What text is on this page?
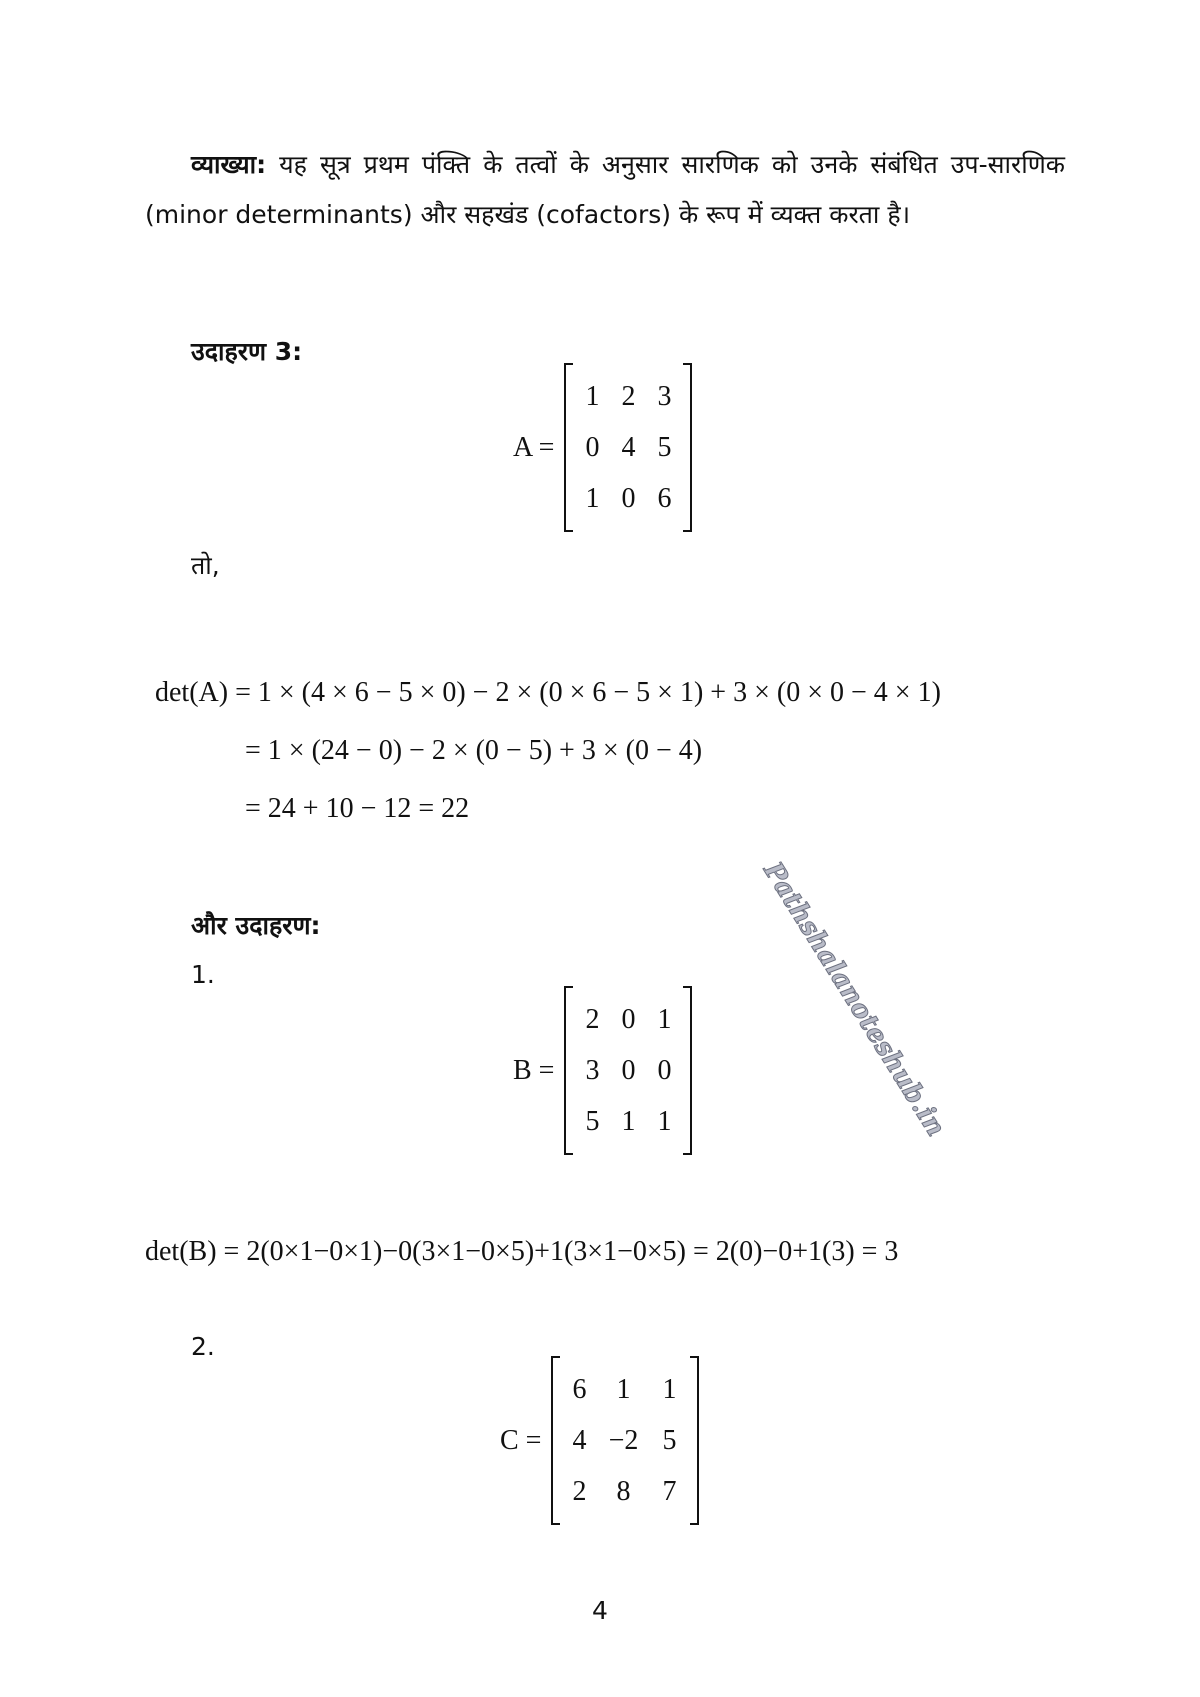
व्याख्या: यह सूत्र प्रथम पंक्ति के तत्वों के अनुसार सारणिक को उनके संबंधित उप-सारणिक (minor determinants) और सहखंड (cofactors) के रूप में व्यक्त करता है।
उदाहरण 3:
A =
1 2 3
0 4 5
1 0 6
तो,
det(A) = 1 × (4 × 6 − 5 × 0) − 2 × (0 × 6 − 5 × 1) + 3 × (0 × 0 − 4 × 1)
= 1 × (24 − 0) − 2 × (0 − 5) + 3 × (0 − 4)
= 24 + 10 − 12 = 22
Pathshalanoteshub.in
और उदाहरण:
1.
B =
2 0 1
3 0 0
5 1 1
det(B) = 2(0×1−0×1)−0(3×1−0×5)+1(3×1−0×5) = 2(0)−0+1(3) = 3
2.
C =
6	1	1
4 −2 5
2	8	7
4
